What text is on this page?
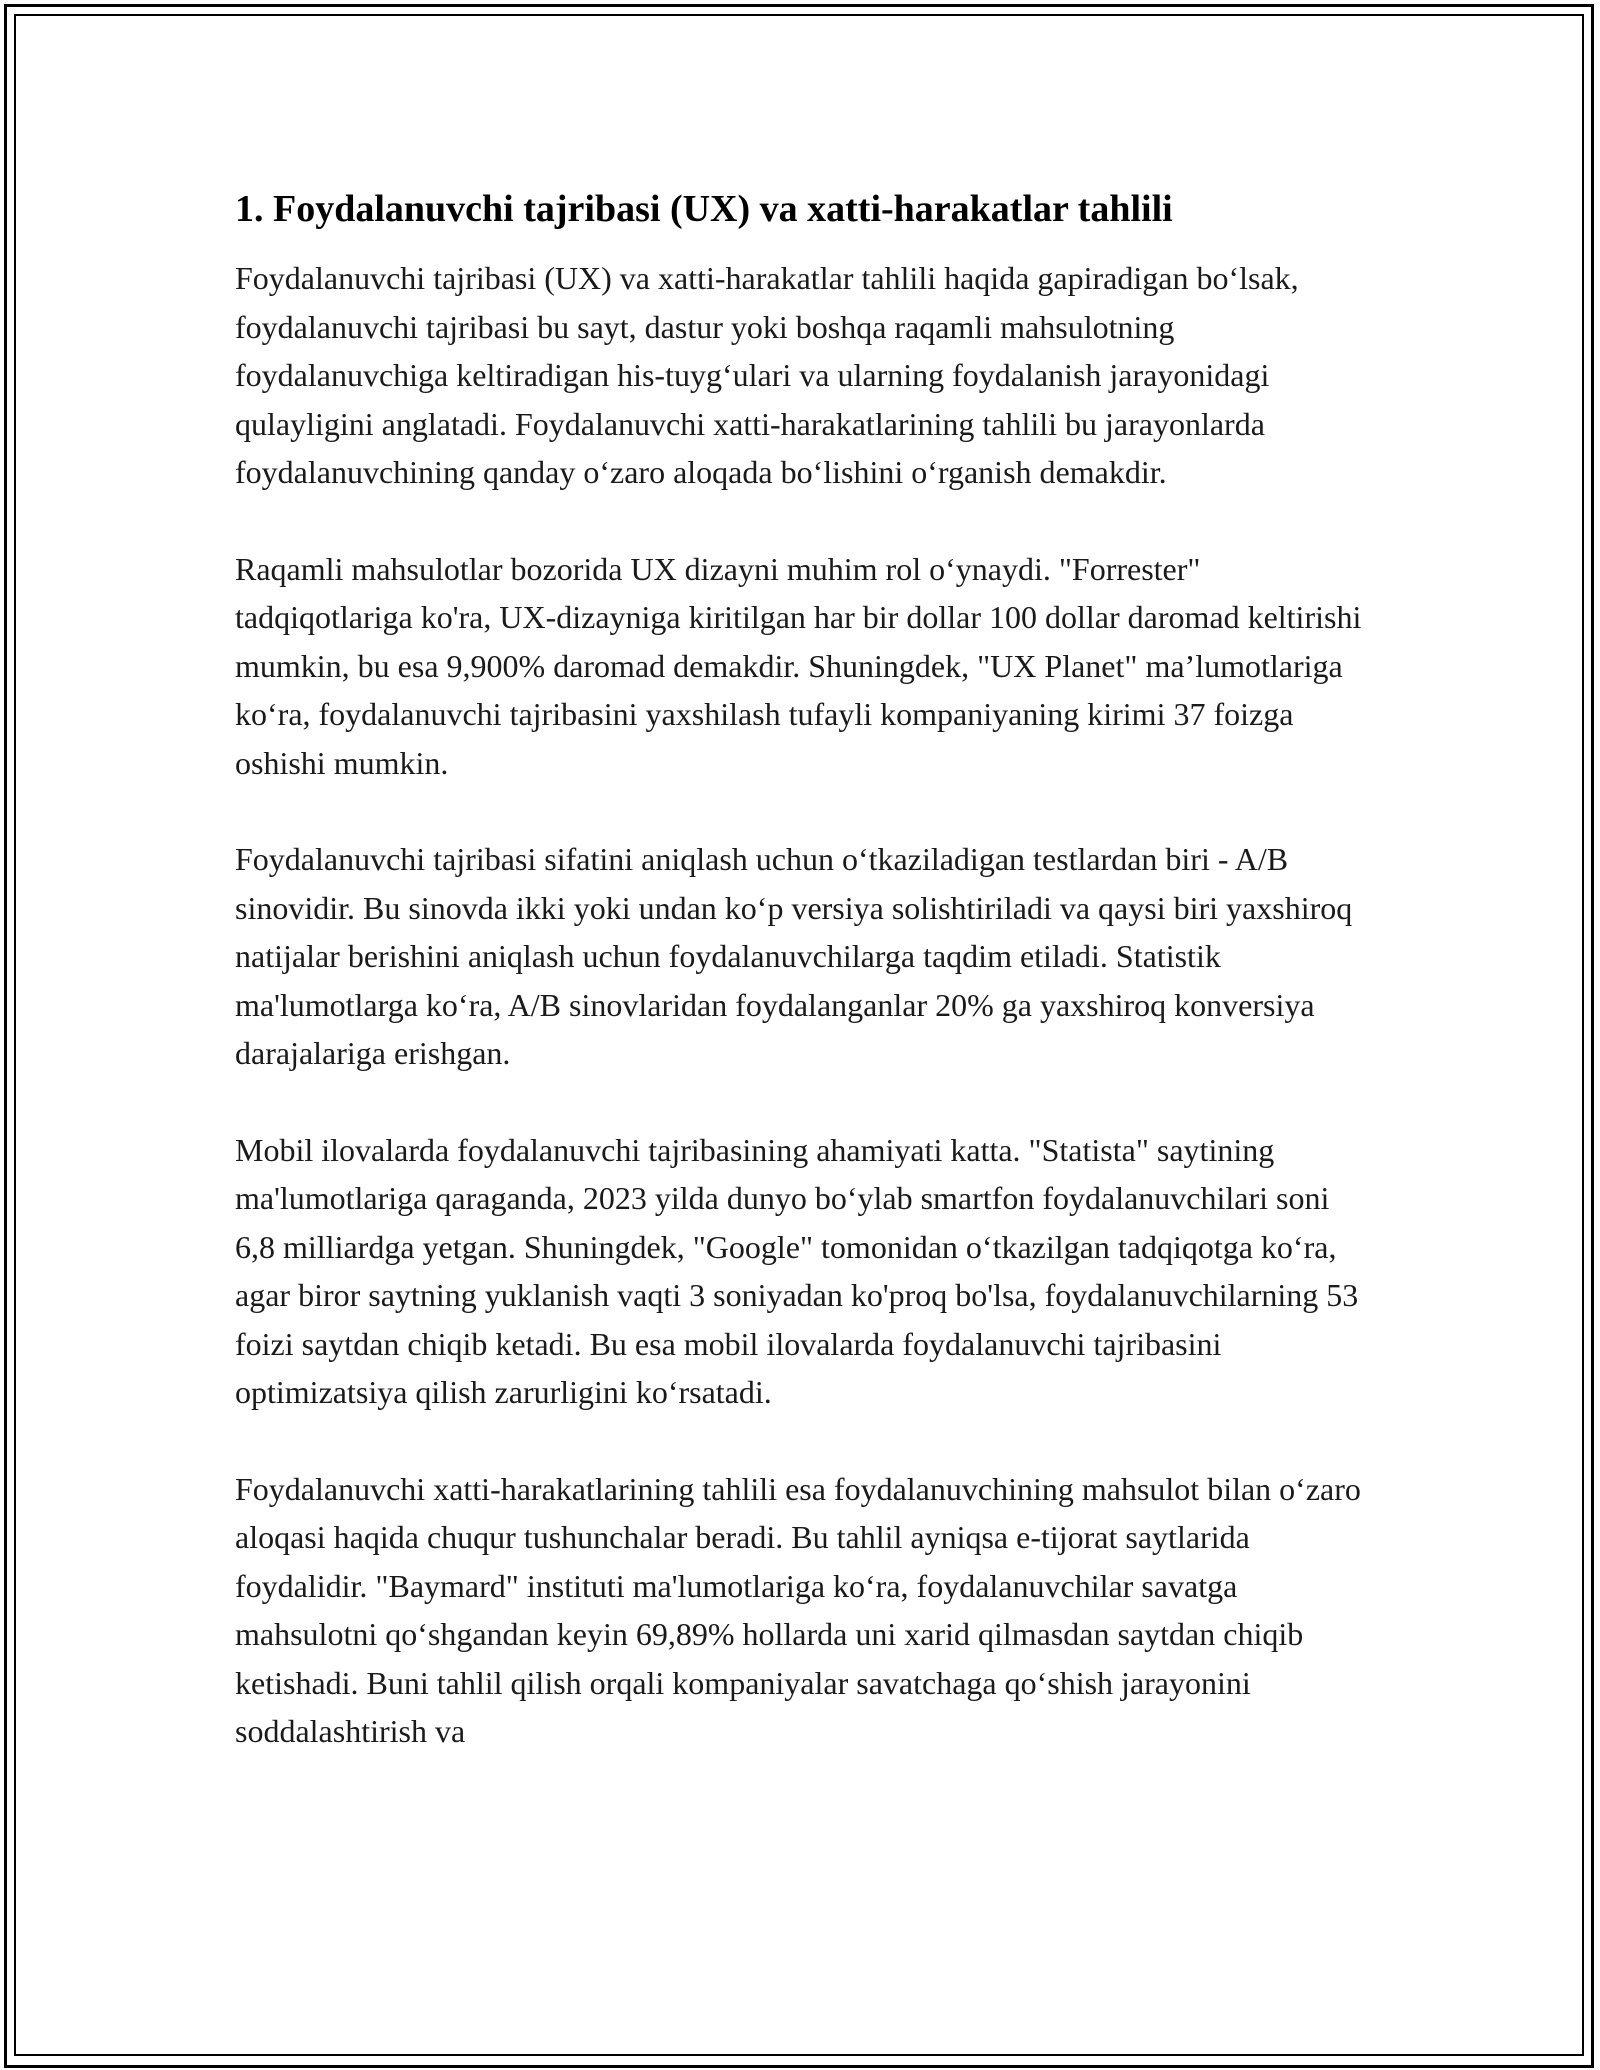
1. Foydalanuvchi tajribasi (UX) va xatti-harakatlar tahlili

Foydalanuvchi tajribasi (UX) va xatti-harakatlar tahlili haqida gapiradigan bo‘lsak, foydalanuvchi tajribasi bu sayt, dastur yoki boshqa raqamli mahsulotning foydalanuvchiga keltiradigan his-tuyg‘ulari va ularning foydalanish jarayonidagi qulayligini anglatadi. Foydalanuvchi xatti-harakatlarining tahlili bu jarayonlarda foydalanuvchining qanday o‘zaro aloqada bo‘lishini o‘rganish demakdir.

Raqamli mahsulotlar bozorida UX dizayni muhim rol o‘ynaydi. "Forrester" tadqiqotlariga ko'ra, UX-dizayniga kiritilgan har bir dollar 100 dollar daromad keltirishi mumkin, bu esa 9,900% daromad demakdir. Shuningdek, "UX Planet" ma’lumotlariga ko‘ra, foydalanuvchi tajribasini yaxshilash tufayli kompaniyaning kirimi 37 foizga oshishi mumkin.

Foydalanuvchi tajribasi sifatini aniqlash uchun o‘tkaziladigan testlardan biri - A/B sinovidir. Bu sinovda ikki yoki undan ko‘p versiya solishtiriladi va qaysi biri yaxshiroq natijalar berishini aniqlash uchun foydalanuvchilarga taqdim etiladi. Statistik ma'lumotlarga ko‘ra, A/B sinovlaridan foydalanganlar 20% ga yaxshiroq konversiya darajalariga erishgan.

Mobil ilovalarda foydalanuvchi tajribasining ahamiyati katta. "Statista" saytining ma'lumotlariga qaraganda, 2023 yilda dunyo bo‘ylab smartfon foydalanuvchilari soni 6,8 milliardga yetgan. Shuningdek, "Google" tomonidan o‘tkazilgan tadqiqotga ko‘ra, agar biror saytning yuklanish vaqti 3 soniyadan ko'proq bo'lsa, foydalanuvchilarning 53 foizi saytdan chiqib ketadi. Bu esa mobil ilovalarda foydalanuvchi tajribasini optimizatsiya qilish zarurligini ko‘rsatadi.

Foydalanuvchi xatti-harakatlarining tahlili esa foydalanuvchining mahsulot bilan o‘zaro aloqasi haqida chuqur tushunchalar beradi. Bu tahlil ayniqsa e-tijorat saytlarida foydalidir. "Baymard" instituti ma'lumotlariga ko‘ra, foydalanuvchilar savatga mahsulotni qo‘shgandan keyin 69,89% hollarda uni xarid qilmasdan saytdan chiqib ketishadi. Buni tahlil qilish orqali kompaniyalar savatchaga qo‘shish jarayonini soddalashtirish va
